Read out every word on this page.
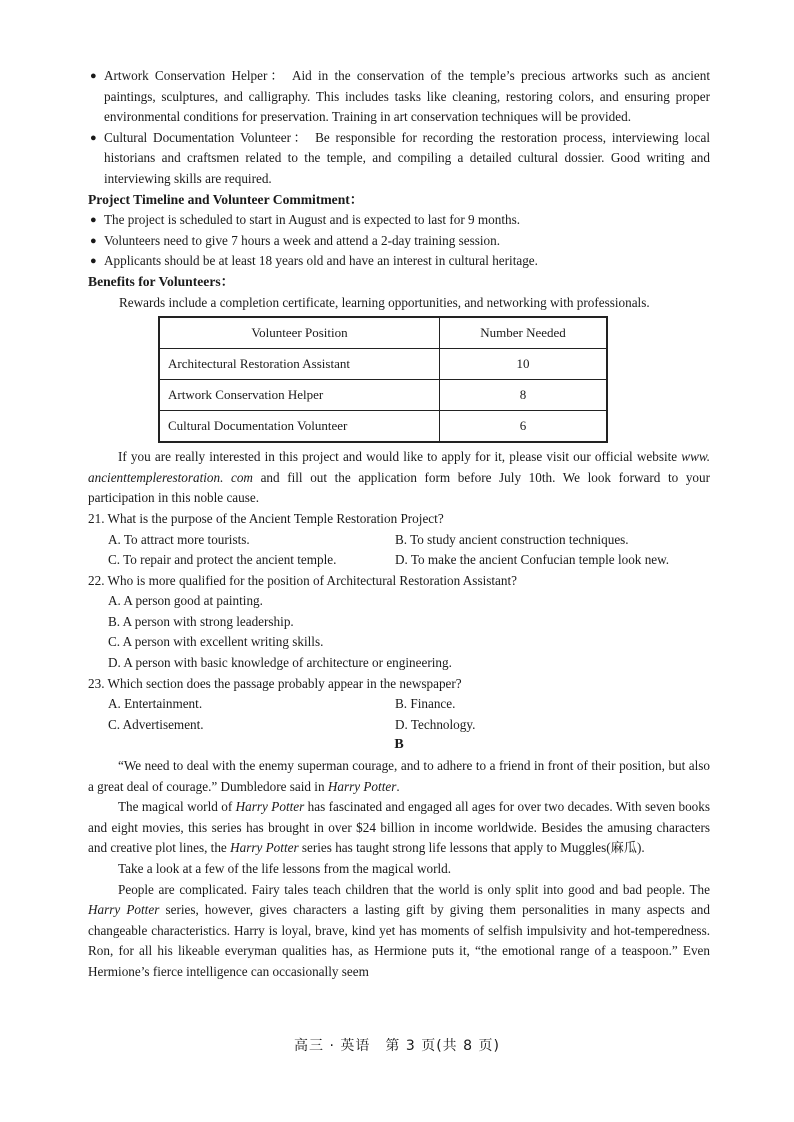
● Artwork Conservation Helper： Aid in the conservation of the temple’s precious artworks such as ancient paintings, sculptures, and calligraphy. This includes tasks like cleaning, restoring colors, and ensuring proper environmental conditions for preservation. Training in art conservation techniques will be provided.
● Cultural Documentation Volunteer： Be responsible for recording the restoration process, interviewing local historians and craftsmen related to the temple, and compiling a detailed cultural dossier. Good writing and interviewing skills are required.
Project Timeline and Volunteer Commitment：
● The project is scheduled to start in August and is expected to last for 9 months.
● Volunteers need to give 7 hours a week and attend a 2-day training session.
● Applicants should be at least 18 years old and have an interest in cultural heritage.
Benefits for Volunteers：
Rewards include a completion certificate, learning opportunities, and networking with professionals.
Volunteer Position	Number Needed
Architectural Restoration Assistant	10
Artwork Conservation Helper	8
Cultural Documentation Volunteer	6
If you are really interested in this project and would like to apply for it, please visit our official website www. ancienttemplerestoration. com and fill out the application form before July 10th. We look forward to your participation in this noble cause.
21. What is the purpose of the Ancient Temple Restoration Project?
A. To attract more tourists.	B. To study ancient construction techniques.
C. To repair and protect the ancient temple.	D. To make the ancient Confucian temple look new.
22. Who is more qualified for the position of Architectural Restoration Assistant?
A. A person good at painting.
B. A person with strong leadership.
C. A person with excellent writing skills.
D. A person with basic knowledge of architecture or engineering.
23. Which section does the passage probably appear in the newspaper?
A. Entertainment.	B. Finance.
C. Advertisement.	D. Technology.
B
“We need to deal with the enemy superman courage, and to adhere to a friend in front of their position, but also a great deal of courage.” Dumbledore said in Harry Potter.
The magical world of Harry Potter has fascinated and engaged all ages for over two decades. With seven books and eight movies, this series has brought in over $24 billion in income worldwide. Besides the amusing characters and creative plot lines, the Harry Potter series has taught strong life lessons that apply to Muggles(麻瓜).
Take a look at a few of the life lessons from the magical world.
People are complicated. Fairy tales teach children that the world is only split into good and bad people. The Harry Potter series, however, gives characters a lasting gift by giving them personalities in many aspects and changeable characteristics. Harry is loyal, brave, kind yet has moments of selfish impulsivity and hot-temperedness. Ron, for all his likeable everyman qualities has, as Hermione puts it, “the emotional range of a teaspoon.” Even Hermione’s fierce intelligence can occasionally seem
高三 · 英语　第 3 页(共 8 页)
